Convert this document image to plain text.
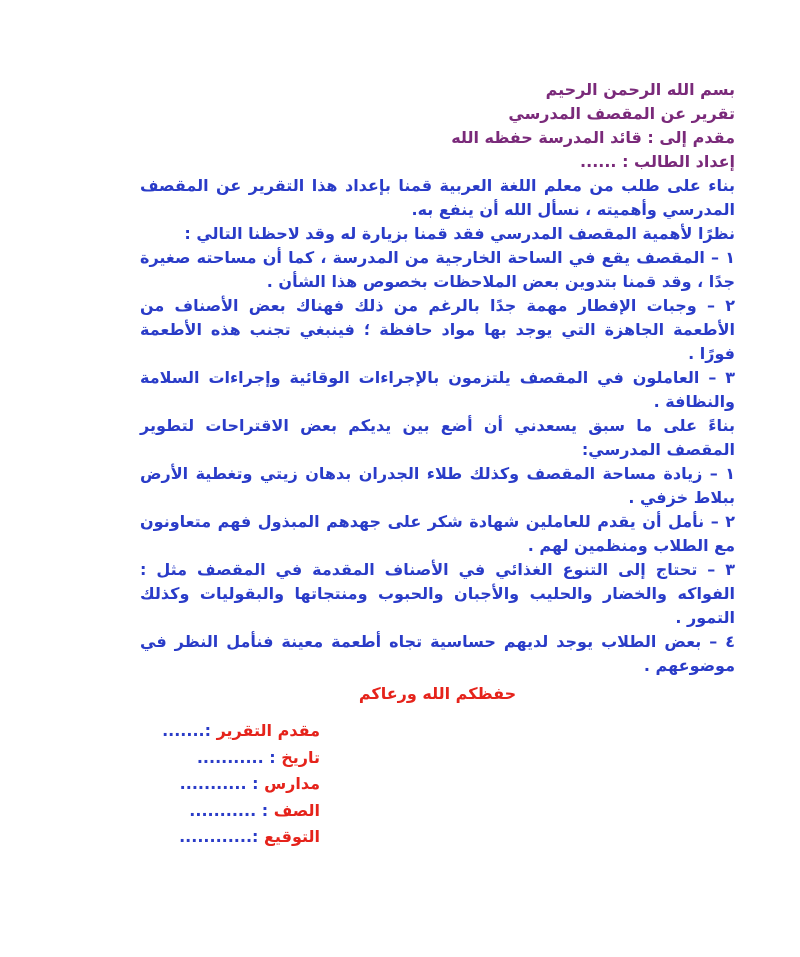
بسم الله الرحمن الرحيم

تقرير عن المقصف المدرسي

مقدم إلى : قائد المدرسة حفظه الله

إعداد الطالب : ......

بناء على طلب من معلم اللغة العربية قمنا بإعداد هذا التقرير عن المقصف المدرسي وأهميته ، نسأل الله أن ينفع به.

نظرًا لأهمية المقصف المدرسي فقد قمنا بزيارة له وقد لاحظنا التالي :

١ – المقصف يقع في الساحة الخارجية من المدرسة ، كما أن مساحته صغيرة جدًا ، وقد قمنا بتدوين بعض الملاحظات بخصوص هذا الشأن .

٢ – وجبات الإفطار مهمة جدًا بالرغم من ذلك فهناك بعض الأصناف من الأطعمة الجاهزة التي يوجد بها مواد حافظة ؛ فينبغي تجنب هذه الأطعمة فورًا .

٣ – العاملون في المقصف يلتزمون بالإجراءات الوقائية وإجراءات السلامة والنظافة .

بناءً على ما سبق يسعدني أن أضع بين يديكم بعض الاقتراحات لتطوير المقصف المدرسي:

١ – زيادة مساحة المقصف وكذلك طلاء الجدران بدهان زيتي وتغطية الأرض ببلاط خزفي .

٢ – نأمل أن يقدم للعاملين شهادة شكر على جهدهم المبذول فهم متعاونون مع الطلاب ومنظمين لهم .

٣ – تحتاج إلى التنوع الغذائي في الأصناف المقدمة في المقصف مثل : الفواكه والخضار والحليب والأجبان والحبوب ومنتجاتها والبقوليات وكذلك التمور .

٤ – بعض الطلاب يوجد لديهم حساسية تجاه أطعمة معينة فنأمل النظر في موضوعهم .

حفظكم الله ورعاكم

مقدم التقرير :.......

تاريخ : ...........

مدارس : ...........

الصف : ...........

التوقيع :............
